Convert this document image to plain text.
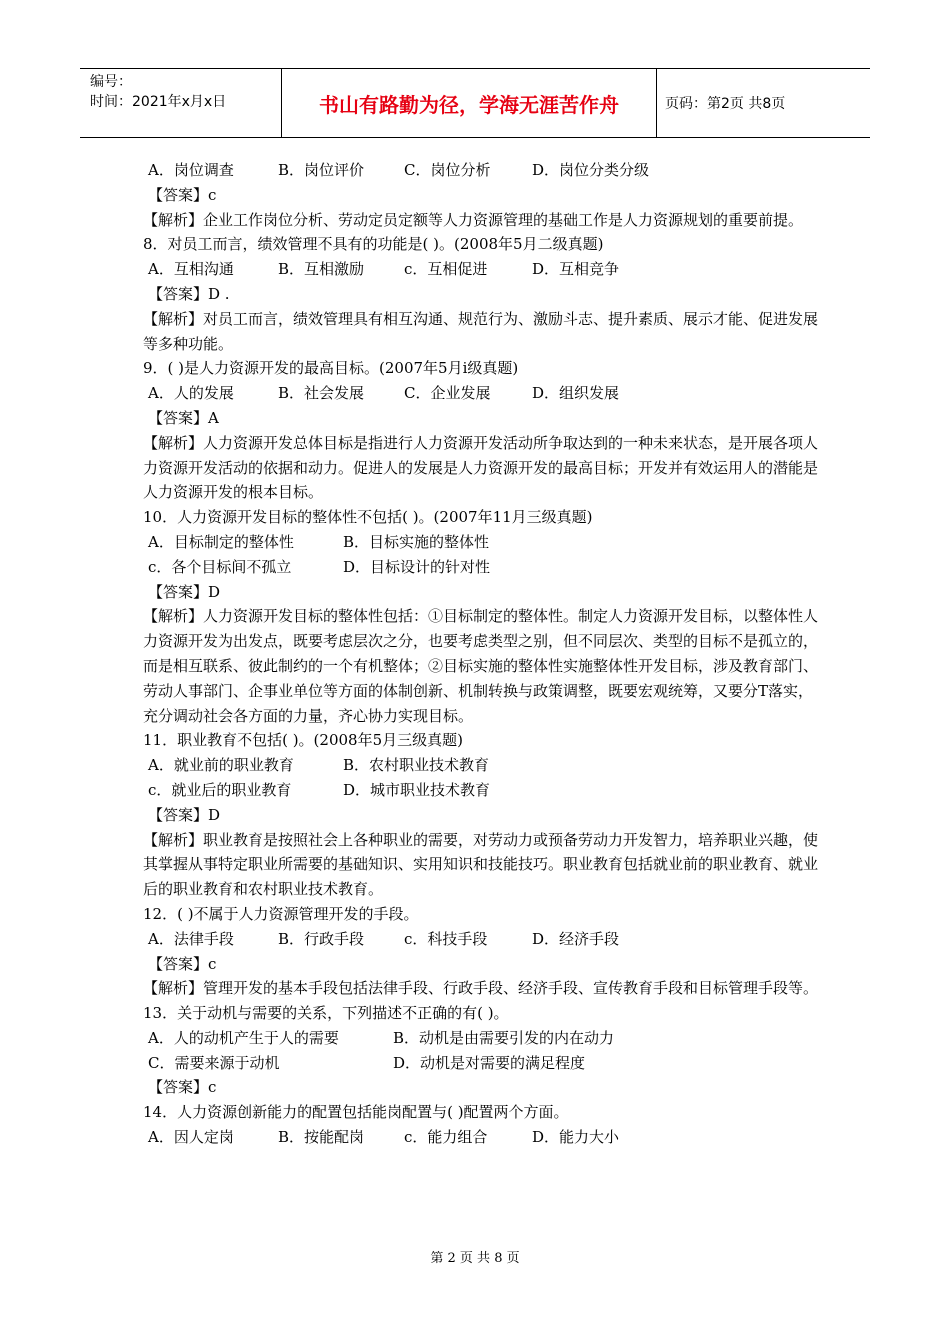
编号：
时间：2021年x月x日	书山有路勤为径，学海无涯苦作舟	页码：第2页 共8页
A．岗位调查	B．岗位评价	C．岗位分析	D．岗位分类分级
【答案】c
【解析】企业工作岗位分析、劳动定员定额等人力资源管理的基础工作是人力资源规划的重要前提。
8．对员工而言，绩效管理不具有的功能是( )。(2008年5月二级真题)
A．互相沟通	B．互相激励	c．互相促进	D．互相竞争
【答案】D .
【解析】对员工而言，绩效管理具有相互沟通、规范行为、激励斗志、提升素质、展示才能、促进发展等多种功能。
9．( )是人力资源开发的最高目标。(2007年5月i级真题)
A．人的发展	B．社会发展	C．企业发展	D．组织发展
【答案】A
【解析】人力资源开发总体目标是指进行人力资源开发活动所争取达到的一种未来状态，是开展各项人力资源开发活动的依据和动力。促进人的发展是人力资源开发的最高目标；开发并有效运用人的潜能是人力资源开发的根本目标。
10．人力资源开发目标的整体性不包括( )。(2007年11月三级真题)
A．目标制定的整体性	B．目标实施的整体性
c．各个目标间不孤立	D．目标设计的针对性
【答案】D
【解析】人力资源开发目标的整体性包括：①目标制定的整体性。制定人力资源开发目标，以整体性人力资源开发为出发点，既要考虑层次之分，也要考虑类型之别，但不同层次、类型的目标不是孤立的，而是相互联系、彼此制约的一个有机整体；②目标实施的整体性实施整体性开发目标，涉及教育部门、劳动人事部门、企事业单位等方面的体制创新、机制转换与政策调整，既要宏观统筹，又要分T落实，充分调动社会各方面的力量，齐心协力实现目标。
11．职业教育不包括( )。(2008年5月三级真题)
A．就业前的职业教育	B．农村职业技术教育
c．就业后的职业教育	D．城市职业技术教育
【答案】D
【解析】职业教育是按照社会上各种职业的需要，对劳动力或预备劳动力开发智力，培养职业兴趣，使其掌握从事特定职业所需要的基础知识、实用知识和技能技巧。职业教育包括就业前的职业教育、就业后的职业教育和农村职业技术教育。
12．( )不属于人力资源管理开发的手段。
A．法律手段	B．行政手段	c．科技手段	D．经济手段
【答案】c
【解析】管理开发的基本手段包括法律手段、行政手段、经济手段、宣传教育手段和目标管理手段等。
13．关于动机与需要的关系，下列描述不正确的有( )。
A．人的动机产生于人的需要	B．动机是由需要引发的内在动力
C．需要来源于动机	D．动机是对需要的满足程度
【答案】c
14．人力资源创新能力的配置包括能岗配置与( )配置两个方面。
A．因人定岗	B．按能配岗	c．能力组合	D．能力大小
第 2 页 共 8 页
